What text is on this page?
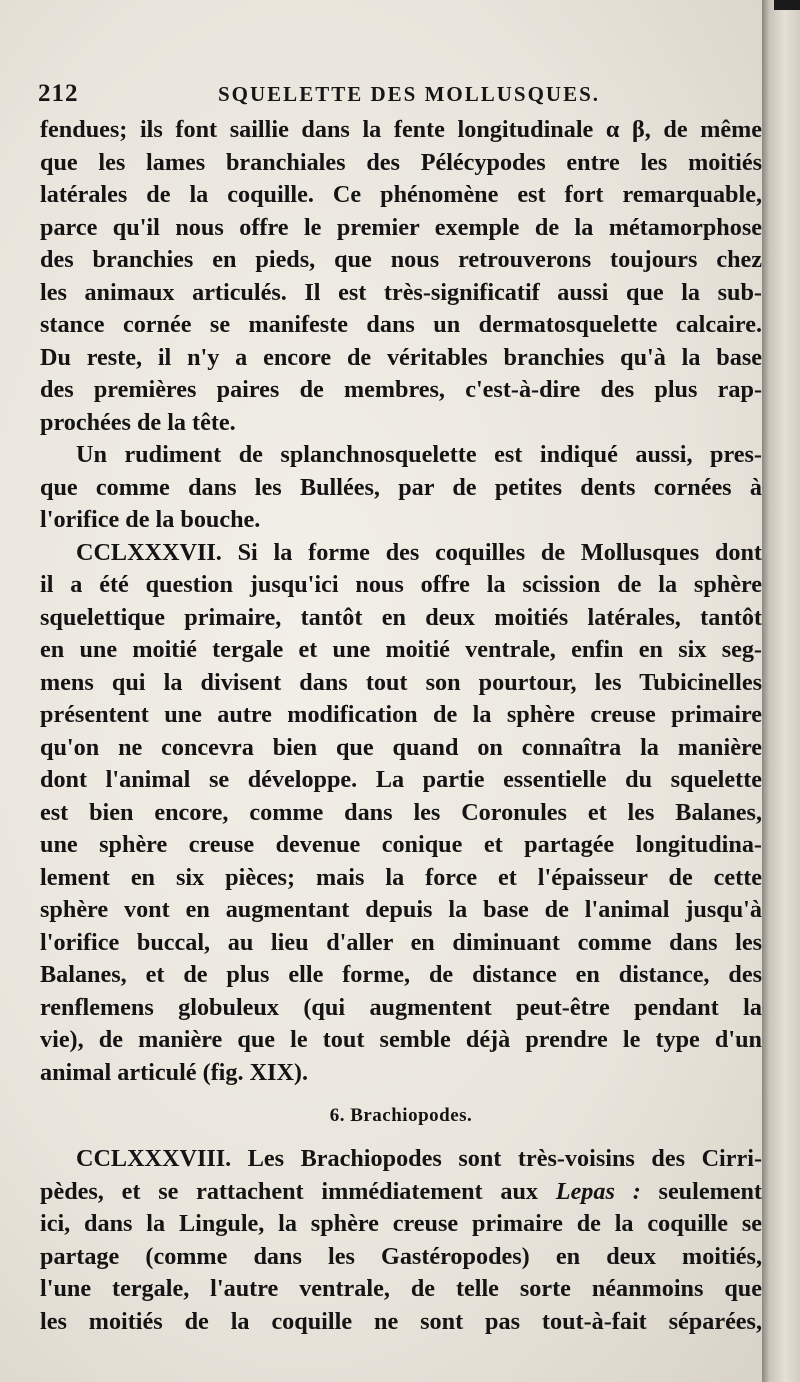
212	SQUELETTE DES MOLLUSQUES.
fendues; ils font saillie dans la fente longitudinale α β, de même
que les lames branchiales des Pélécypodes entre les moitiés
latérales de la coquille. Ce phénomène est fort remarquable,
parce qu'il nous offre le premier exemple de la métamorphose
des branchies en pieds, que nous retrouverons toujours chez
les animaux articulés. Il est très-significatif aussi que la sub-
stance cornée se manifeste dans un dermatosquelette calcaire.
Du reste, il n'y a encore de véritables branchies qu'à la base
des premières paires de membres, c'est-à-dire des plus rap-
prochées de la tête.
Un rudiment de splanchnosquelette est indiqué aussi, pres-
que comme dans les Bullées, par de petites dents cornées à
l'orifice de la bouche.
CCLXXXVII. Si la forme des coquilles de Mollusques dont
il a été question jusqu'ici nous offre la scission de la sphère
squelettique primaire, tantôt en deux moitiés latérales, tantôt
en une moitié tergale et une moitié ventrale, enfin en six seg-
mens qui la divisent dans tout son pourtour, les Tubicinelles
présentent une autre modification de la sphère creuse primaire
qu'on ne concevra bien que quand on connaîtra la manière
dont l'animal se développe. La partie essentielle du squelette
est bien encore, comme dans les Coronules et les Balanes,
une sphère creuse devenue conique et partagée longitudina-
lement en six pièces; mais la force et l'épaisseur de cette
sphère vont en augmentant depuis la base de l'animal jusqu'à
l'orifice buccal, au lieu d'aller en diminuant comme dans les
Balanes, et de plus elle forme, de distance en distance, des
renflemens globuleux (qui augmentent peut-être pendant la
vie), de manière que le tout semble déjà prendre le type d'un
animal articulé (fig. XIX).
6. Brachiopodes.
CCLXXXVIII. Les Brachiopodes sont très-voisins des Cirri-
pèdes, et se rattachent immédiatement aux Lepas : seulement
ici, dans la Lingule, la sphère creuse primaire de la coquille se
partage (comme dans les Gastéropodes) en deux moitiés,
l'une tergale, l'autre ventrale, de telle sorte néanmoins que
les moitiés de la coquille ne sont pas tout-à-fait séparées,
